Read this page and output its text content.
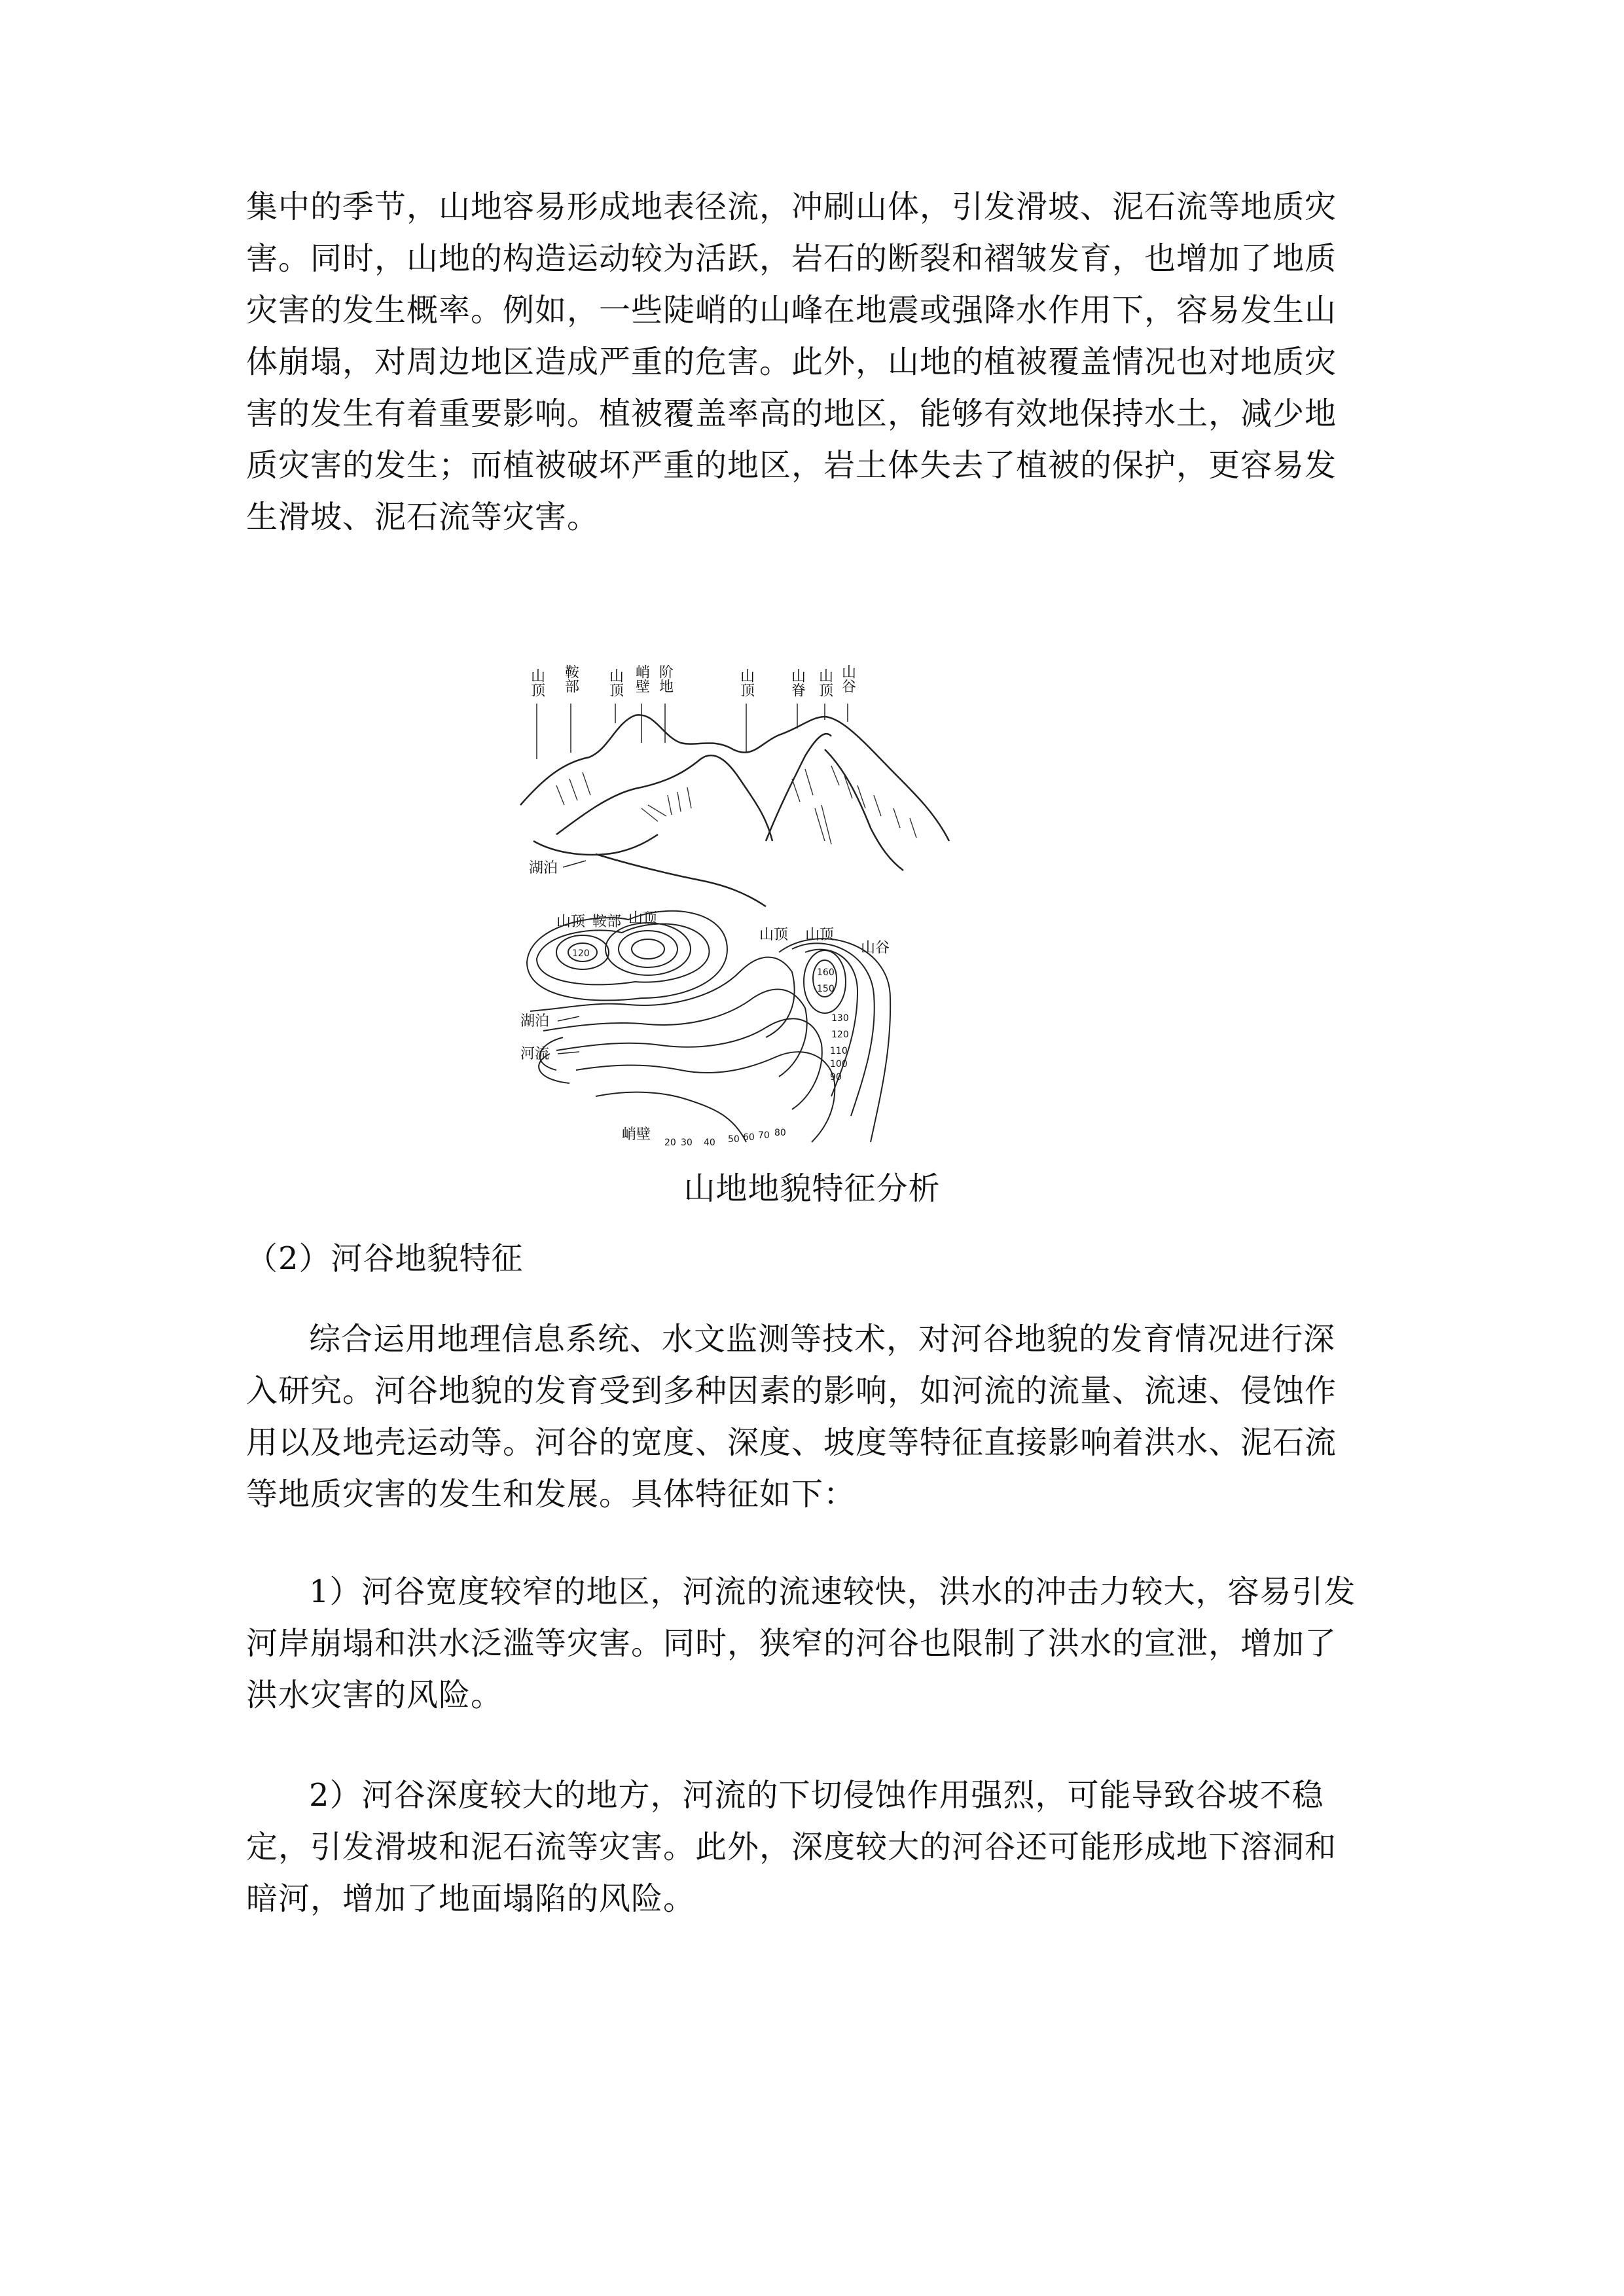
集中的季节，山地容易形成地表径流，冲刷山体，引发滑坡、泥石流等地质灾
害。同时，山地的构造运动较为活跃，岩石的断裂和褶皱发育，也增加了地质
灾害的发生概率。例如，一些陡峭的山峰在地震或强降水作用下，容易发生山
体崩塌，对周边地区造成严重的危害。此外，山地的植被覆盖情况也对地质灾
害的发生有着重要影响。植被覆盖率高的地区，能够有效地保持水土，减少地
质灾害的发生；而植被破坏严重的地区，岩土体失去了植被的保护，更容易发
生滑坡、泥石流等灾害。
山顶 鞍部 山顶 峭壁 阶地	山顶 山脊 山顶 山谷
湖泊
山顶 鞍部 山顶
山顶 山顶
山谷
湖泊
河流
峭壁
120
160
150
130
120
110
100
90
20 30 40 50 60 70 80
山地地貌特征分析
（2）河谷地貌特征
综合运用地理信息系统、水文监测等技术，对河谷地貌的发育情况进行深
入研究。河谷地貌的发育受到多种因素的影响，如河流的流量、流速、侵蚀作
用以及地壳运动等。河谷的宽度、深度、坡度等特征直接影响着洪水、泥石流
等地质灾害的发生和发展。具体特征如下：
1）河谷宽度较窄的地区，河流的流速较快，洪水的冲击力较大，容易引发
河岸崩塌和洪水泛滥等灾害。同时，狭窄的河谷也限制了洪水的宣泄，增加了
洪水灾害的风险。
2）河谷深度较大的地方，河流的下切侵蚀作用强烈，可能导致谷坡不稳
定，引发滑坡和泥石流等灾害。此外，深度较大的河谷还可能形成地下溶洞和
暗河，增加了地面塌陷的风险。
